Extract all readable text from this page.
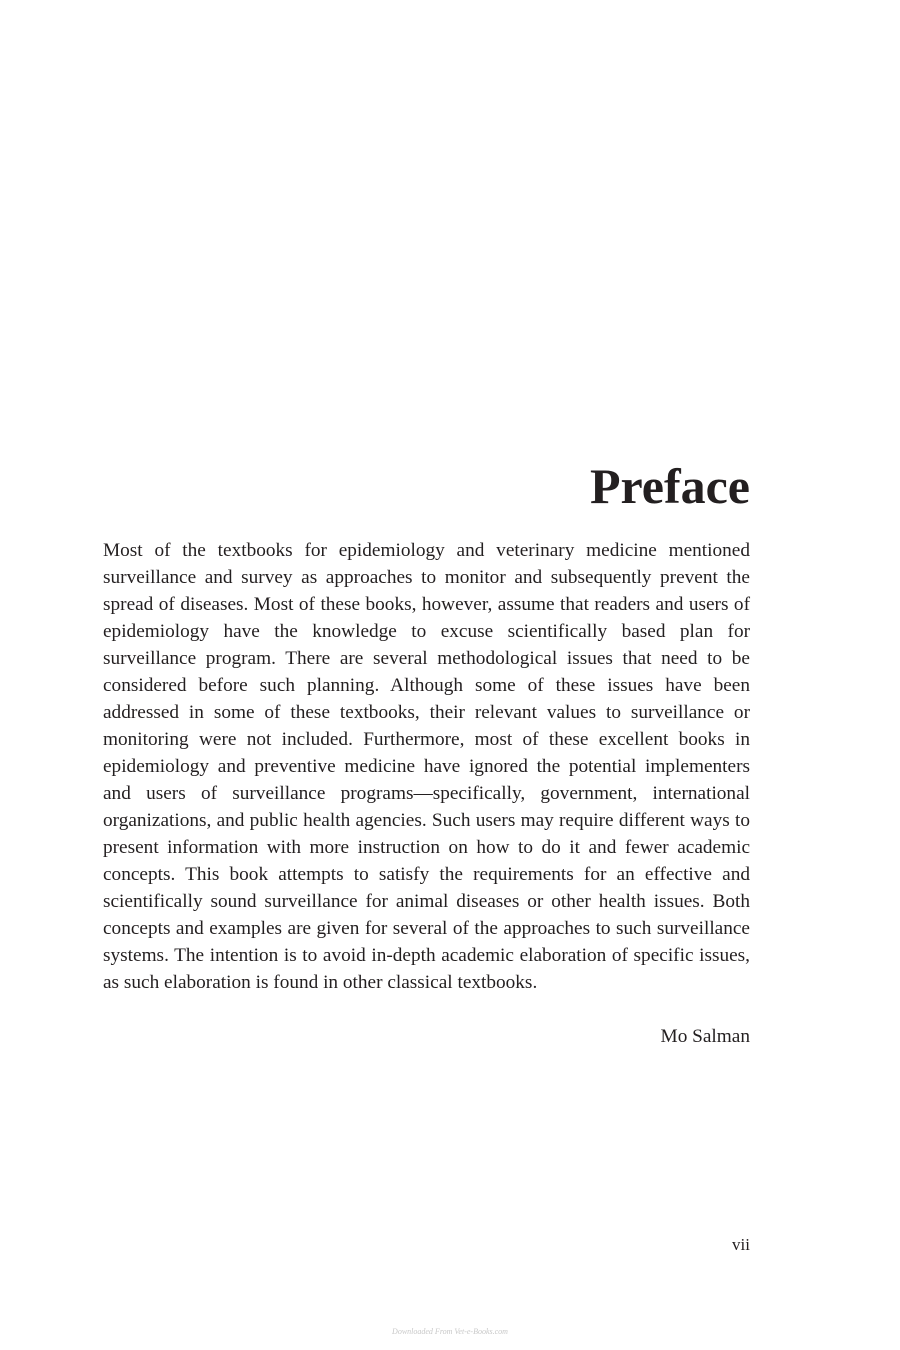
Preface

Most of the textbooks for epidemiology and veterinary medicine mentioned surveillance and survey as approaches to monitor and subsequently prevent the spread of diseases. Most of these books, however, assume that readers and users of epidemiology have the knowledge to excuse scientifically based plan for surveillance program. There are several methodological issues that need to be considered before such planning. Although some of these issues have been addressed in some of these textbooks, their relevant values to surveillance or monitoring were not included. Furthermore, most of these excellent books in epidemiology and preventive medicine have ignored the potential implementers and users of surveillance programs—specifically, government, international organizations, and public health agencies. Such users may require different ways to present information with more instruction on how to do it and fewer academic concepts. This book attempts to satisfy the requirements for an effective and scientifically sound surveillance for animal diseases or other health issues. Both concepts and examples are given for several of the approaches to such surveillance systems. The intention is to avoid in-depth academic elaboration of specific issues, as such elaboration is found in other classical textbooks.

Mo Salman

vii

Downloaded From Vet-e-Books.com
